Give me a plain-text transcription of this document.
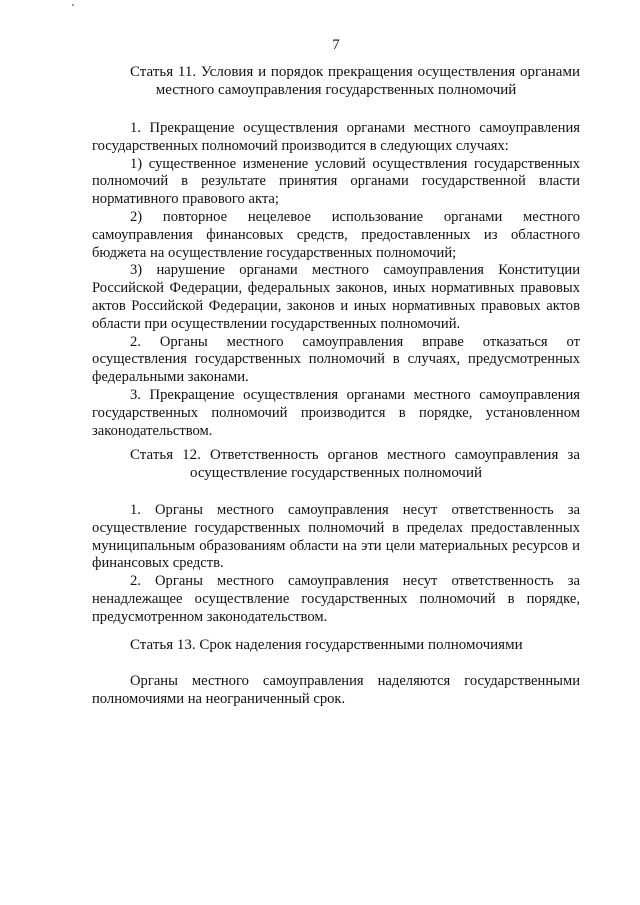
7
Статья 11. Условия и порядок прекращения осуществления органами
местного самоуправления государственных полномочий

1. Прекращение осуществления органами местного самоуправления государственных полномочий производится в следующих случаях:

1) существенное изменение условий осуществления государственных полномочий в результате принятия органами государственной власти нормативного правового акта;

2) повторное нецелевое использование органами местного самоуправления финансовых средств, предоставленных из областного бюджета на осуществление государственных полномочий;

3) нарушение органами местного самоуправления Конституции Российской Федерации, федеральных законов, иных нормативных правовых актов Российской Федерации, законов и иных нормативных правовых актов области при осуществлении государственных полномочий.

2. Органы местного самоуправления вправе отказаться от осуществления государственных полномочий в случаях, предусмотренных федеральными законами.

3. Прекращение осуществления органами местного самоуправления государственных полномочий производится в порядке, установленном законодательством.

Статья 12. Ответственность органов местного самоуправления за
осуществление государственных полномочий

1. Органы местного самоуправления несут ответственность за осуществление государственных полномочий в пределах предоставленных муниципальным образованиям области на эти цели материальных ресурсов и финансовых средств.

2. Органы местного самоуправления несут ответственность за ненадлежащее осуществление государственных полномочий в порядке, предусмотренном законодательством.

Статья 13. Срок наделения государственными полномочиями

Органы местного самоуправления наделяются государственными полномочиями на неограниченный срок.
